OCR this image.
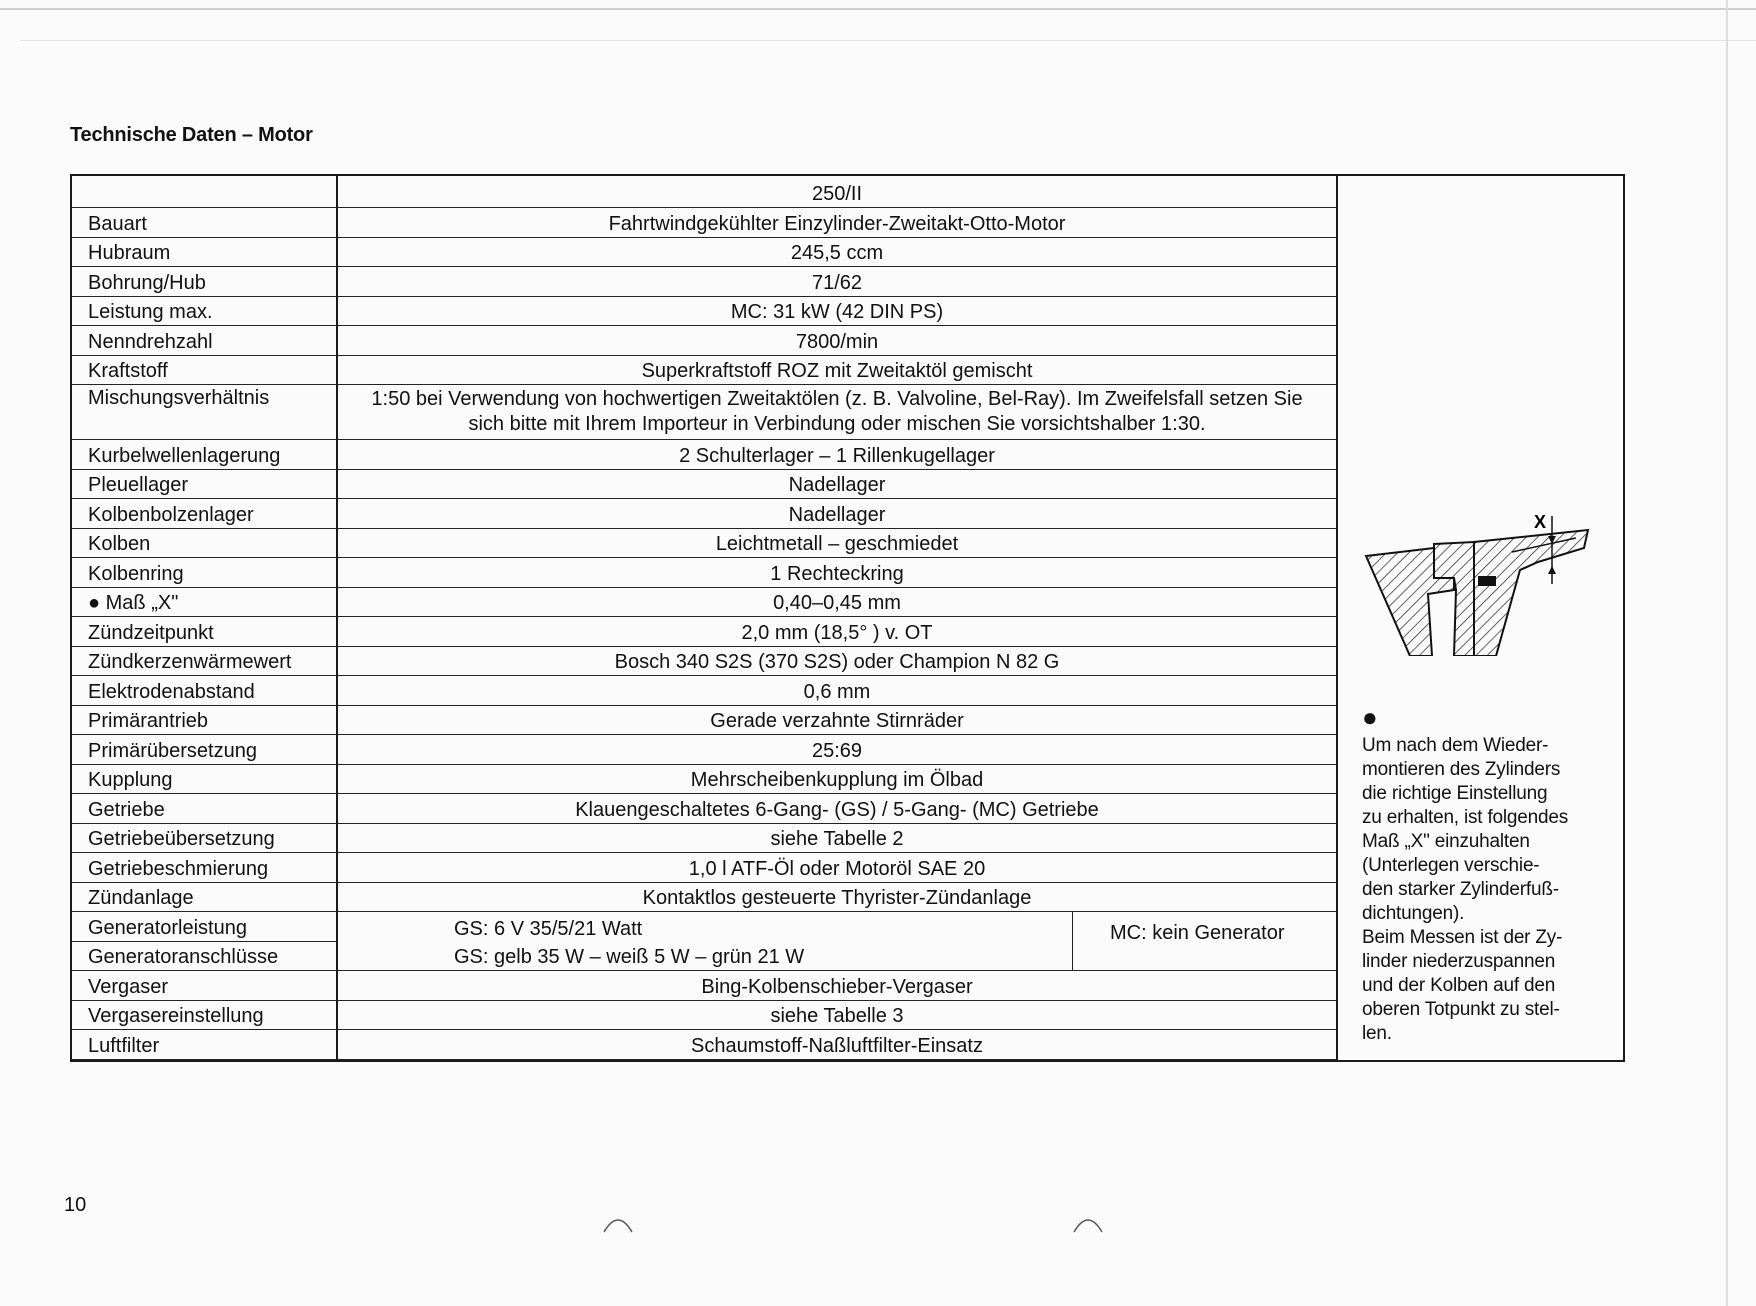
Technische Daten – Motor
Bauart
Hubraum
Bohrung/Hub
Leistung max.
Nenndrehzahl
Kraftstoff
Mischungsverhältnis
Kurbelwellenlagerung
Pleuellager
Kolbenbolzenlager
Kolben
Kolbenring
● Maß „X"
Zündzeitpunkt
Zündkerzenwärmewert
Elektrodenabstand
Primärantrieb
Primärübersetzung
Kupplung
Getriebe
Getriebeübersetzung
Getriebeschmierung
Zündanlage
Generatorleistung
Generatoranschlüsse
Vergaser
Vergasereinstellung
Luftfilter
250/II
Fahrtwindgekühlter Einzylinder-Zweitakt-Otto-Motor
245,5 ccm
71/62
MC: 31 kW (42 DIN PS)
7800/min
Superkraftstoff ROZ mit Zweitaktöl gemischt
1:50 bei Verwendung von hochwertigen Zweitaktölen (z. B. Valvoline, Bel-Ray). Im Zweifelsfall setzen Sie sich bitte mit Ihrem Importeur in Verbindung oder mischen Sie vorsichtshalber 1:30.
2 Schulterlager – 1 Rillenkugellager
Nadellager
Nadellager
Leichtmetall – geschmiedet
1 Rechteckring
0,40–0,45 mm
2,0 mm (18,5° ) v. OT
Bosch 340 S2S (370 S2S) oder Champion N 82 G
0,6 mm
Gerade verzahnte Stirnräder
25:69
Mehrscheibenkupplung im Ölbad
Klauengeschaltetes 6-Gang- (GS) / 5-Gang- (MC) Getriebe
siehe Tabelle 2
1,0 l ATF-Öl oder Motoröl SAE 20
Kontaktlos gesteuerte Thyrister-Zündanlage
GS: 6 V 35/5/21 Watt
GS: gelb 35 W – weiß 5 W – grün 21 W
Bing-Kolbenschieber-Vergaser
siehe Tabelle 3
Schaumstoff-Naßluftfilter-Einsatz
MC: kein Generator
X
●
Um nach dem Wieder-
montieren des Zylinders
die richtige Einstellung
zu erhalten, ist folgendes
Maß „X" einzuhalten
(Unterlegen verschie-
den starker Zylinderfuß-
dichtungen).
Beim Messen ist der Zy-
linder niederzuspannen
und der Kolben auf den
oberen Totpunkt zu stel-
len.
10
